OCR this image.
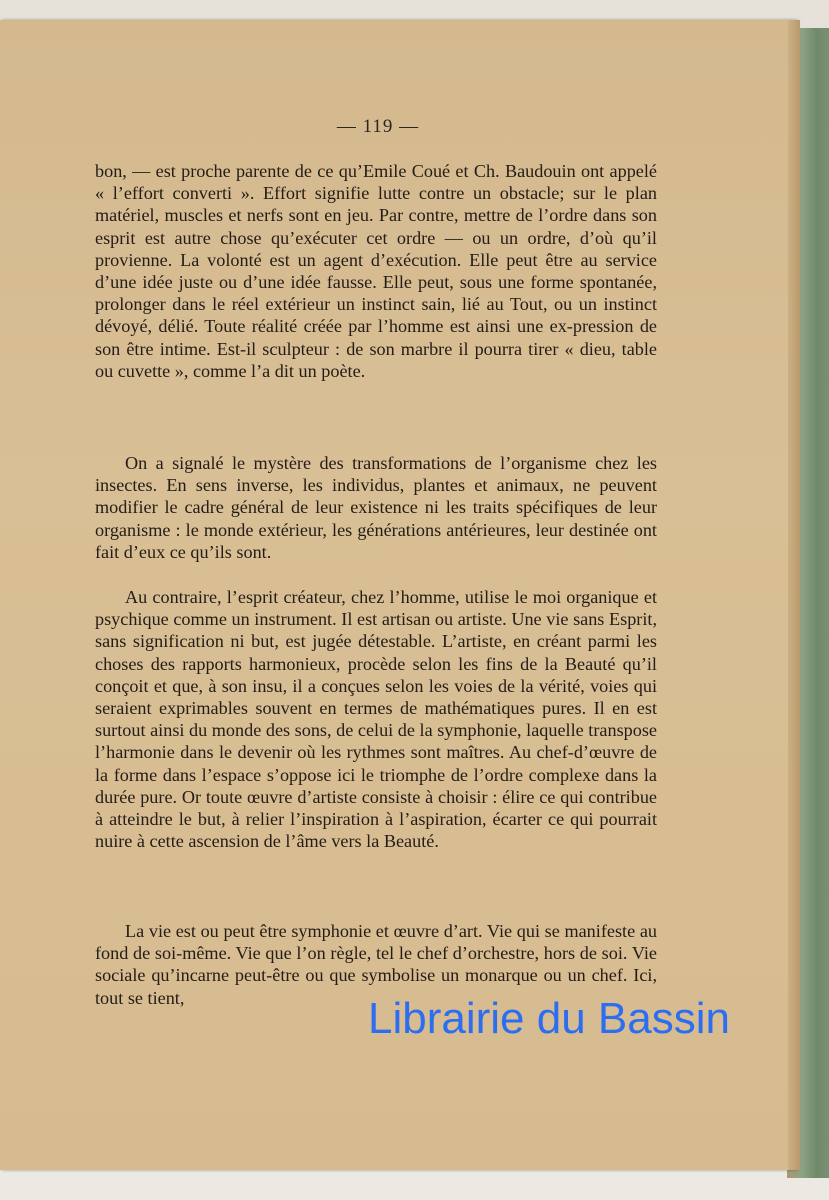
— 119 —

bon, — est proche parente de ce qu’Emile Coué et Ch. Baudouin ont appelé « l’effort converti ». Effort signifie lutte contre un obstacle; sur le plan matériel, muscles et nerfs sont en jeu. Par contre, mettre de l’ordre dans son esprit est autre chose qu’exécuter cet ordre — ou un ordre, d’où qu’il provienne. La volonté est un agent d’exécution. Elle peut être au service d’une idée juste ou d’une idée fausse. Elle peut, sous une forme spontanée, prolonger dans le réel extérieur un instinct sain, lié au Tout, ou un instinct dévoyé, délié. Toute réalité créée par l’homme est ainsi une ex-pression de son être intime. Est-il sculpteur : de son marbre il pourra tirer « dieu, table ou cuvette », comme l’a dit un poète.

On a signalé le mystère des transformations de l’organisme chez les insectes. En sens inverse, les individus, plantes et animaux, ne peuvent modifier le cadre général de leur existence ni les traits spécifiques de leur organisme : le monde extérieur, les générations antérieures, leur destinée ont fait d’eux ce qu’ils sont.

Au contraire, l’esprit créateur, chez l’homme, utilise le moi organique et psychique comme un instrument. Il est artisan ou artiste. Une vie sans Esprit, sans signification ni but, est jugée détestable. L’artiste, en créant parmi les choses des rapports harmonieux, procède selon les fins de la Beauté qu’il conçoit et que, à son insu, il a conçues selon les voies de la vérité, voies qui seraient exprimables souvent en termes de mathématiques pures. Il en est surtout ainsi du monde des sons, de celui de la symphonie, laquelle transpose l’harmonie dans le devenir où les rythmes sont maîtres. Au chef-d’œuvre de la forme dans l’espace s’oppose ici le triomphe de l’ordre complexe dans la durée pure. Or toute œuvre d’artiste consiste à choisir : élire ce qui contribue à atteindre le but, à relier l’inspiration à l’aspiration, écarter ce qui pourrait nuire à cette ascension de l’âme vers la Beauté.

La vie est ou peut être symphonie et œuvre d’art. Vie qui se manifeste au fond de soi-même. Vie que l’on règle, tel le chef d’orchestre, hors de soi. Vie sociale qu’incarne peut-être ou que symbolise un monarque ou un chef. Ici, tout se tient,	Librairie du Bassin
